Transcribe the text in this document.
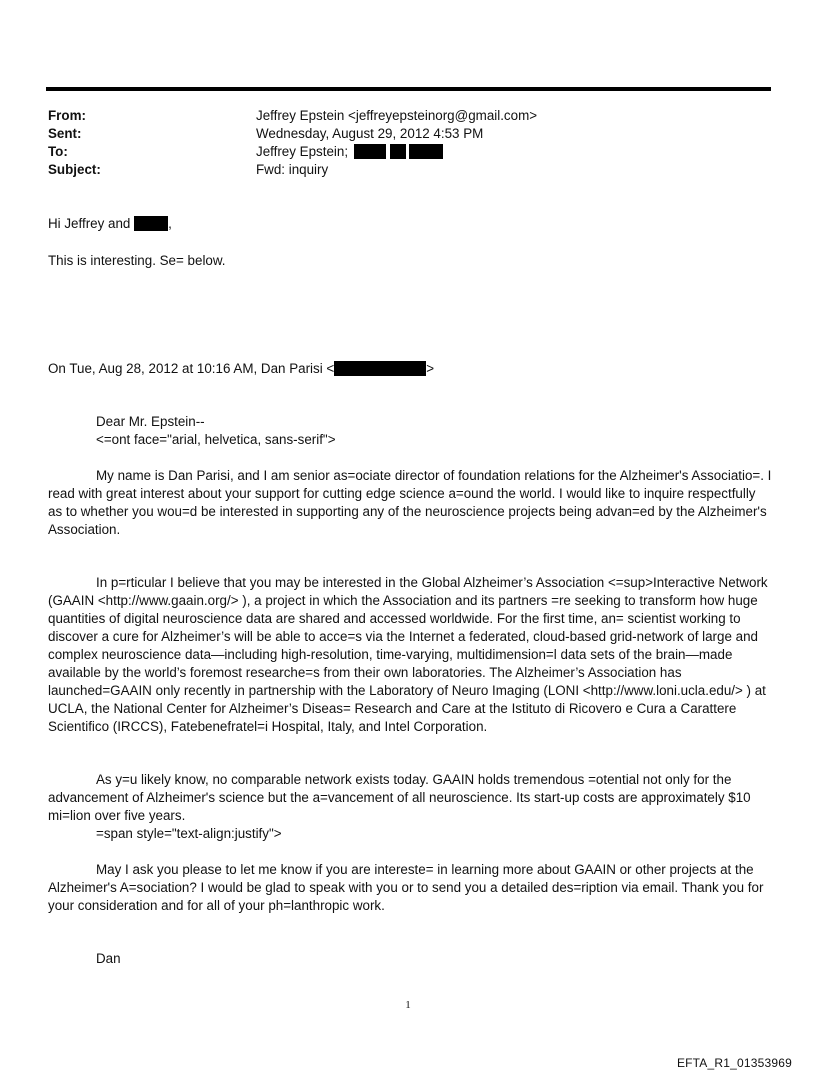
From:	Jeffrey Epstein <jeffreyepsteinorg@gmail.com>
Sent:	Wednesday, August 29, 2012 4:53 PM
To:	Jeffrey Epstein;
Subject:	Fwd: inquiry
Hi Jeffrey and	,
This is interesting. Se= below.
On Tue, Aug 28, 2012 at 10:16 AM, Dan Parisi <	>
Dear Mr. Epstein--
<=ont face="arial, helvetica, sans-serif">

My name is Dan Parisi, and I am senior as=ociate director of foundation relations for the Alzheimer's Associatio=. I read with great interest about your support for cutting edge science a=ound the world. I would like to inquire respectfully as to whether you wou=d be interested in supporting any of the neuroscience projects being advan=ed by the Alzheimer's Association.

In p=rticular I believe that you may be interested in the Global Alzheimer’s Association <=sup>Interactive Network (GAAIN <http://www.gaain.org/> ), a project in which the Association and its partners =re seeking to transform how huge quantities of digital neuroscience data are shared and accessed worldwide. For the first time, an= scientist working to discover a cure for Alzheimer’s will be able to acce=s via the Internet a federated, cloud-based grid-network of large and complex neuroscience data—including high-resolution, time-varying, multidimension=l data sets of the brain—made available by the world’s foremost researche=s from their own laboratories. The Alzheimer’s Association has launched=GAAIN only recently in partnership with the Laboratory of Neuro Imaging (LONI <http://www.loni.ucla.edu/> ) at UCLA, the National Center for Alzheimer’s Diseas= Research and Care at the Istituto di Ricovero e Cura a Carattere Scientifico (IRCCS), Fatebenefratel=i Hospital, Italy, and Intel Corporation.

As y=u likely know, no comparable network exists today. GAAIN holds tremendous =otential not only for the advancement of Alzheimer's science but the a=vancement of all neuroscience. Its start-up costs are approximately $10 mi=lion over five years.

=span style="text-align:justify">

May I ask you please to let me know if you are intereste= in learning more about GAAIN or other projects at the Alzheimer's A=sociation? I would be glad to speak with you or to send you a detailed des=ription via email. Thank you for your consideration and for all of your ph=lanthropic work.

Dan
1
EFTA_R1_01353969
